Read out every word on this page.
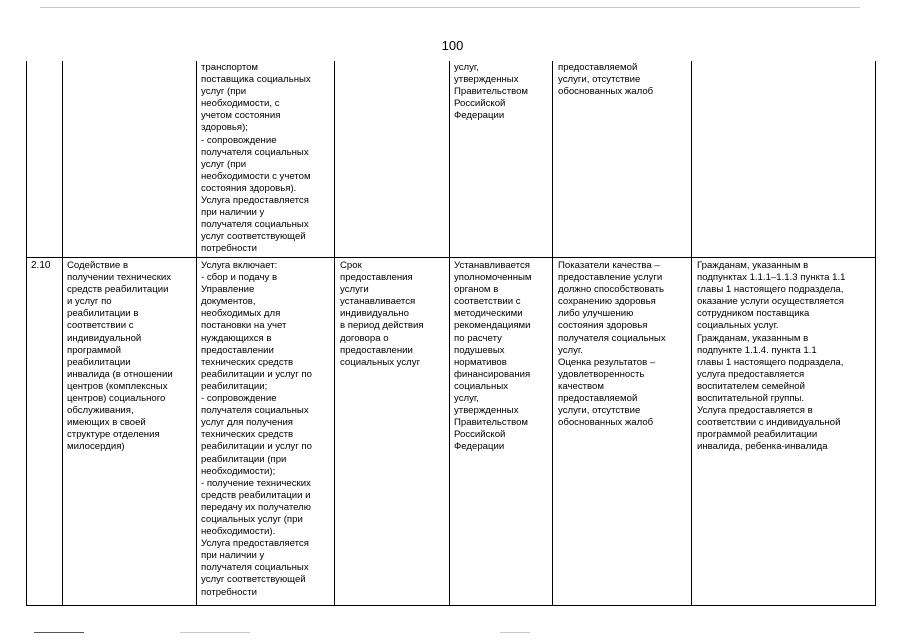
100
транспортом
поставщика социальных
услуг (при
необходимости, с
учетом состояния
здоровья);
- сопровождение
получателя социальных
услуг (при
необходимости с учетом
состояния здоровья).
Услуга предоставляется
при наличии у
получателя социальных
услуг соответствующей
потребности
услуг,
утвержденных
Правительством
Российской
Федерации
предоставляемой
услуги, отсутствие
обоснованных жалоб
2.10	Содействие в
получении технических
средств реабилитации
и услуг по
реабилитации в
соответствии с
индивидуальной
программой
реабилитации
инвалида (в отношении
центров (комплексных
центров) социального
обслуживания,
имеющих в своей
структуре отделения
милосердия)
Услуга включает:
- сбор и подачу в
Управление
документов,
необходимых для
постановки на учет
нуждающихся в
предоставлении
технических средств
реабилитации и услуг по
реабилитации;
- сопровождение
получателя социальных
услуг для получения
технических средств
реабилитации и услуг по
реабилитации (при
необходимости);
- получение технических
средств реабилитации и
передачу их получателю
социальных услуг (при
необходимости).
Услуга предоставляется
при наличии у
получателя социальных
услуг соответствующей
потребности
Срок
предоставления
услуги
устанавливается
индивидуально
в период действия
договора о
предоставлении
социальных услуг
Устанавливается
уполномоченным
органом в
соответствии с
методическими
рекомендациями
по расчету
подушевых
нормативов
финансирования
социальных
услуг,
утвержденных
Правительством
Российской
Федерации
Показатели качества –
предоставление услуги
должно способствовать
сохранению здоровья
либо улучшению
состояния здоровья
получателя социальных
услуг.
Оценка результатов –
удовлетворенность
качеством
предоставляемой
услуги, отсутствие
обоснованных жалоб
Гражданам, указанным в
подпунктах 1.1.1–1.1.3 пункта 1.1
главы 1 настоящего подраздела,
оказание услуги осуществляется
сотрудником поставщика
социальных услуг.
Гражданам, указанным в
подпункте 1.1.4. пункта 1.1
главы 1 настоящего подраздела,
услуга предоставляется
воспитателем семейной
воспитательной группы.
Услуга предоставляется в
соответствии с индивидуальной
программой реабилитации
инвалида, ребенка-инвалида
